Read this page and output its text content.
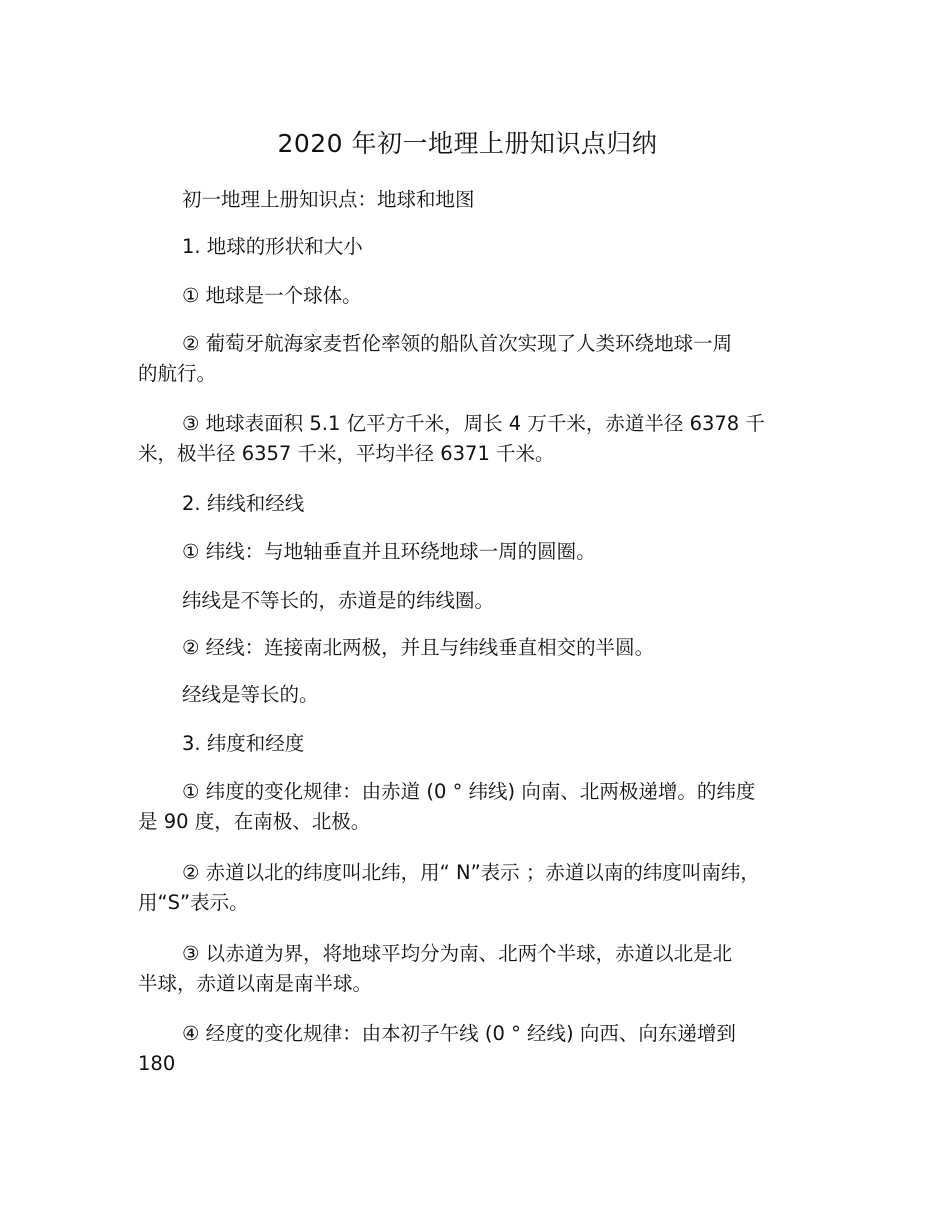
2020 年初一地理上册知识点归纳
初一地理上册知识点：地球和地图
1. 地球的形状和大小
① 地球是一个球体。
② 葡萄牙航海家麦哲伦率领的船队首次实现了人类环绕地球一周
的航行。
③ 地球表面积 5.1 亿平方千米，周长 4 万千米，赤道半径 6378 千
米，极半径 6357 千米，平均半径 6371 千米。
2. 纬线和经线
① 纬线：与地轴垂直并且环绕地球一周的圆圈。
纬线是不等长的，赤道是的纬线圈。
② 经线：连接南北两极，并且与纬线垂直相交的半圆。
经线是等长的。
3. 纬度和经度
① 纬度的变化规律：由赤道 (0 ° 纬线) 向南、北两极递增。的纬度
是 90 度，在南极、北极。
② 赤道以北的纬度叫北纬，用“ N”表示 ；赤道以南的纬度叫南纬，
用“S”表示。
③ 以赤道为界，将地球平均分为南、北两个半球，赤道以北是北
半球，赤道以南是南半球。
④ 经度的变化规律：由本初子午线 (0 ° 经线) 向西、向东递增到
180
